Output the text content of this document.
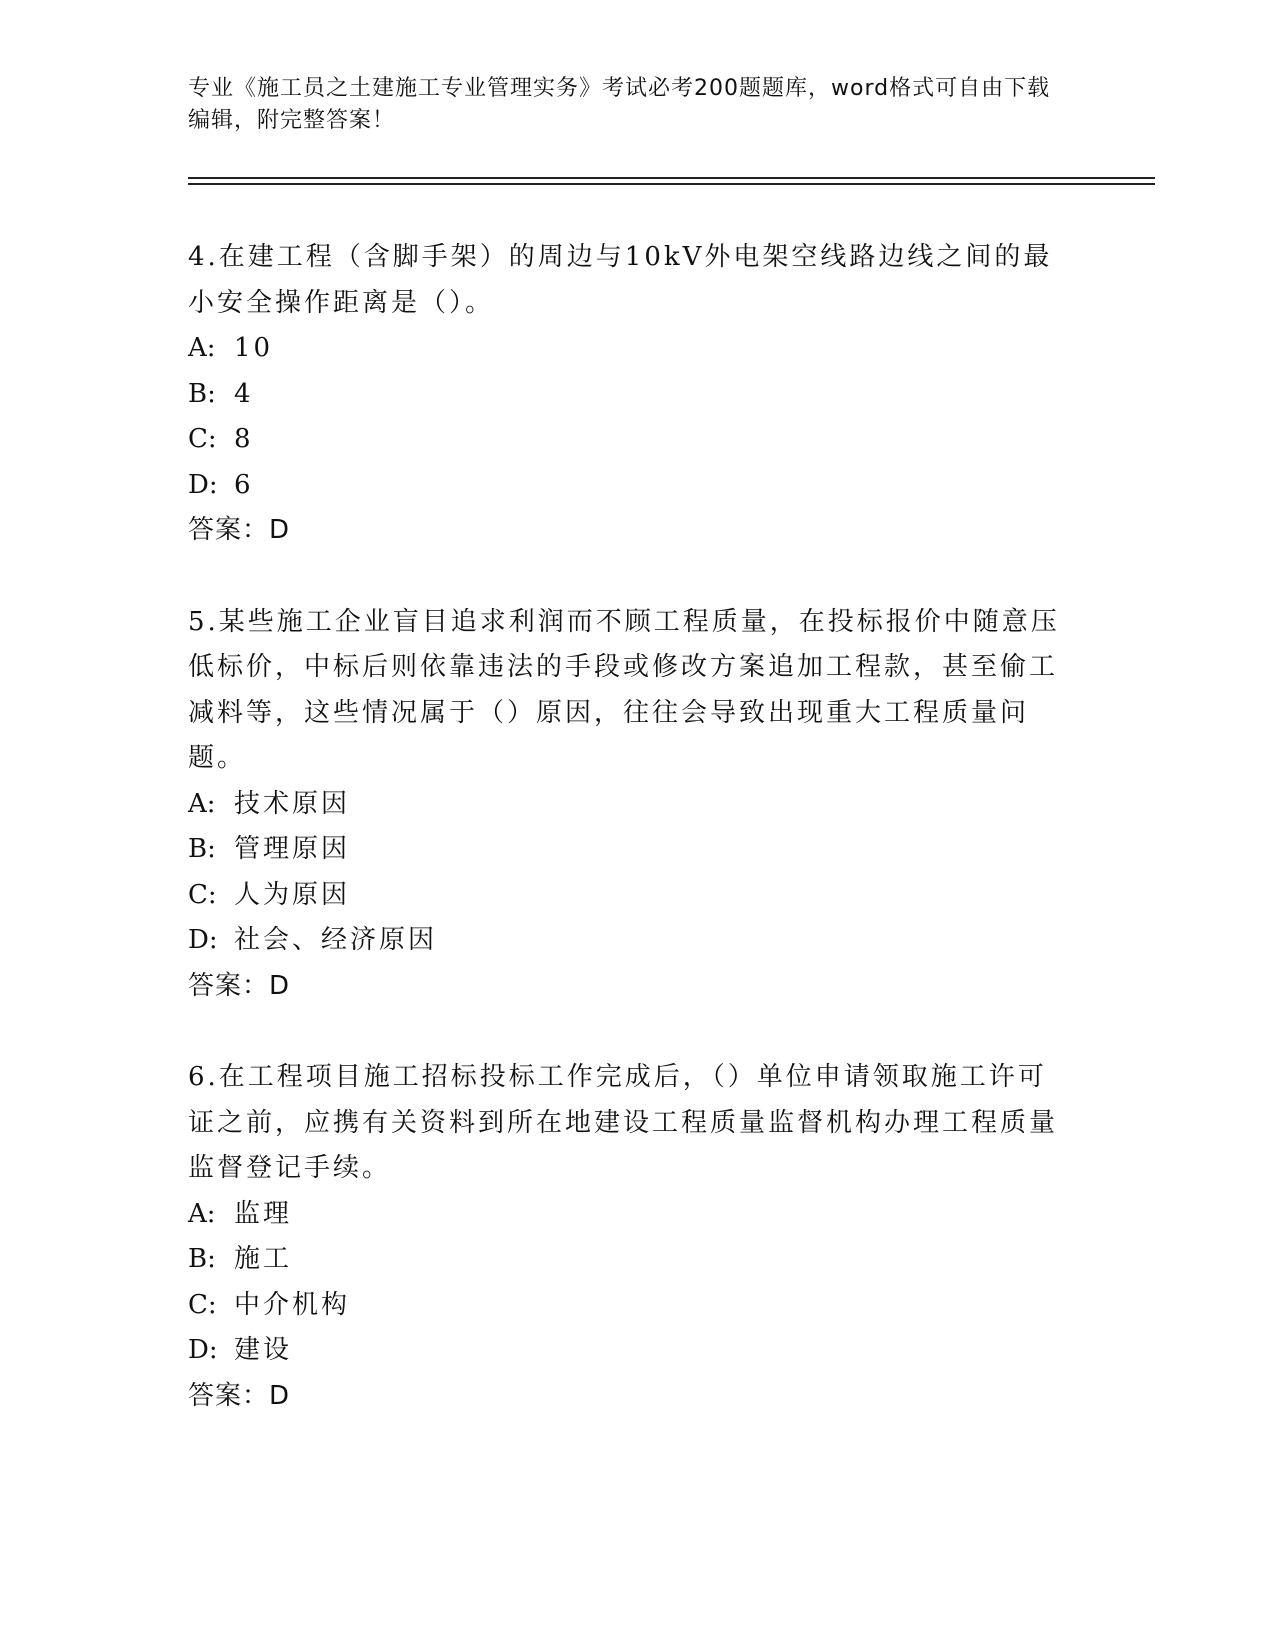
专业《施工员之土建施工专业管理实务》考试必考200题题库，word格式可自由下载编辑，附完整答案！

4.在建工程（含脚手架）的周边与10kV外电架空线路边线之间的最小安全操作距离是（）。

A: 10

B: 4

C: 8

D: 6

答案：D

5.某些施工企业盲目追求利润而不顾工程质量，在投标报价中随意压低标价，中标后则依靠违法的手段或修改方案追加工程款，甚至偷工减料等，这些情况属于（）原因，往往会导致出现重大工程质量问题。

A: 技术原因

B: 管理原因

C: 人为原因

D: 社会、经济原因

答案：D

6.在工程项目施工招标投标工作完成后，（）单位申请领取施工许可证之前，应携有关资料到所在地建设工程质量监督机构办理工程质量监督登记手续。

A: 监理

B: 施工

C: 中介机构

D: 建设

答案：D
